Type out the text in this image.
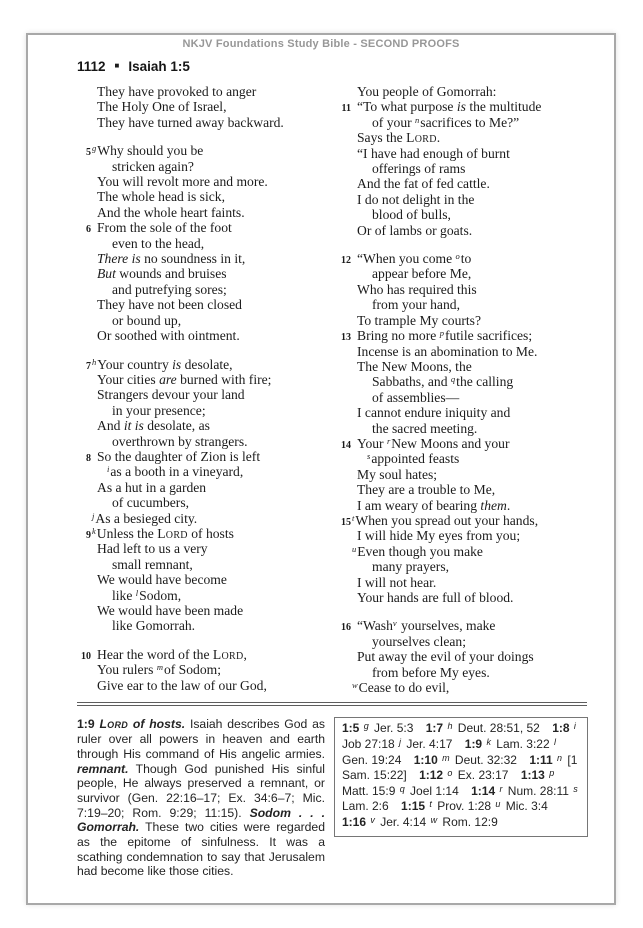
NKJV Foundations Study Bible - SECOND PROOFS
1112 ■ Isaiah 1:5
They have provoked to anger
The Holy One of Israel,
They have turned away backward.
5 $^g$Why should you be
stricken again?
You will revolt more and more.
The whole head is sick,
And the whole heart faints.
6 From the sole of the foot
even to the head,
There is no soundness in it,
But wounds and bruises
and putrefying sores;
They have not been closed
or bound up,
Or soothed with ointment.
7 $^h$Your country is desolate,
Your cities are burned with fire;
Strangers devour your land
in your presence;
And it is desolate, as
overthrown by strangers.
8 So the daughter of Zion is left
$^i$as a booth in a vineyard,
As a hut in a garden
of cucumbers,
$^j$As a besieged city.
9 $^k$Unless the Lord of hosts
Had left to us a very
small remnant,
We would have become
like $^l$Sodom,
We would have been made
like Gomorrah.
10 Hear the word of the Lord,
You rulers $^m$of Sodom;
Give ear to the law of our God,
You people of Gomorrah:
11 “To what purpose is the multitude
of your $^n$sacrifices to Me?”
Says the Lord.
“I have had enough of burnt
offerings of rams
And the fat of fed cattle.
I do not delight in the
blood of bulls,
Or of lambs or goats.
12 “When you come $^o$to
appear before Me,
Who has required this
from your hand,
To trample My courts?
13 Bring no more $^p$futile sacrifices;
Incense is an abomination to Me.
The New Moons, the
Sabbaths, and $^q$the calling
of assemblies—
I cannot endure iniquity and
the sacred meeting.
14 Your $^r$New Moons and your
$^s$appointed feasts
My soul hates;
They are a trouble to Me,
I am weary of bearing them.
15 $^t$When you spread out your hands,
I will hide My eyes from you;
$^u$Even though you make
many prayers,
I will not hear.
Your hands are full of blood.
16 “Wash$^v$ yourselves, make
yourselves clean;
Put away the evil of your doings
from before My eyes.
$^w$Cease to do evil,
1:9 Lord of hosts. Isaiah describes God as ruler over all powers in heaven and earth through His command of His angelic armies. remnant. Though God punished His sinful people, He always preserved a remnant, or survivor (Gen. 22:16–17; Ex. 34:6–7; Mic. 7:19–20; Rom. 9:29; 11:15). Sodom . . . Gomorrah. These two cities were regarded as the epitome of sinfulness. It was a scathing condemnation to say that Jerusalem had become like those cities.
1:5 $^g$ Jer. 5:3 1:7 $^h$ Deut. 28:51, 52 1:8 $^i$ Job 27:18 $^j$ Jer. 4:17 1:9 $^k$ Lam. 3:22 $^l$ Gen. 19:24 1:10 $^m$ Deut. 32:32 1:11 $^n$ [1 Sam. 15:22] 1:12 $^o$ Ex. 23:17 1:13 $^p$ Matt. 15:9 $^q$ Joel 1:14 1:14 $^r$ Num. 28:11 $^s$ Lam. 2:6 1:15 $^t$ Prov. 1:28 $^u$ Mic. 3:4 1:16 $^v$ Jer. 4:14 $^w$ Rom. 12:9
